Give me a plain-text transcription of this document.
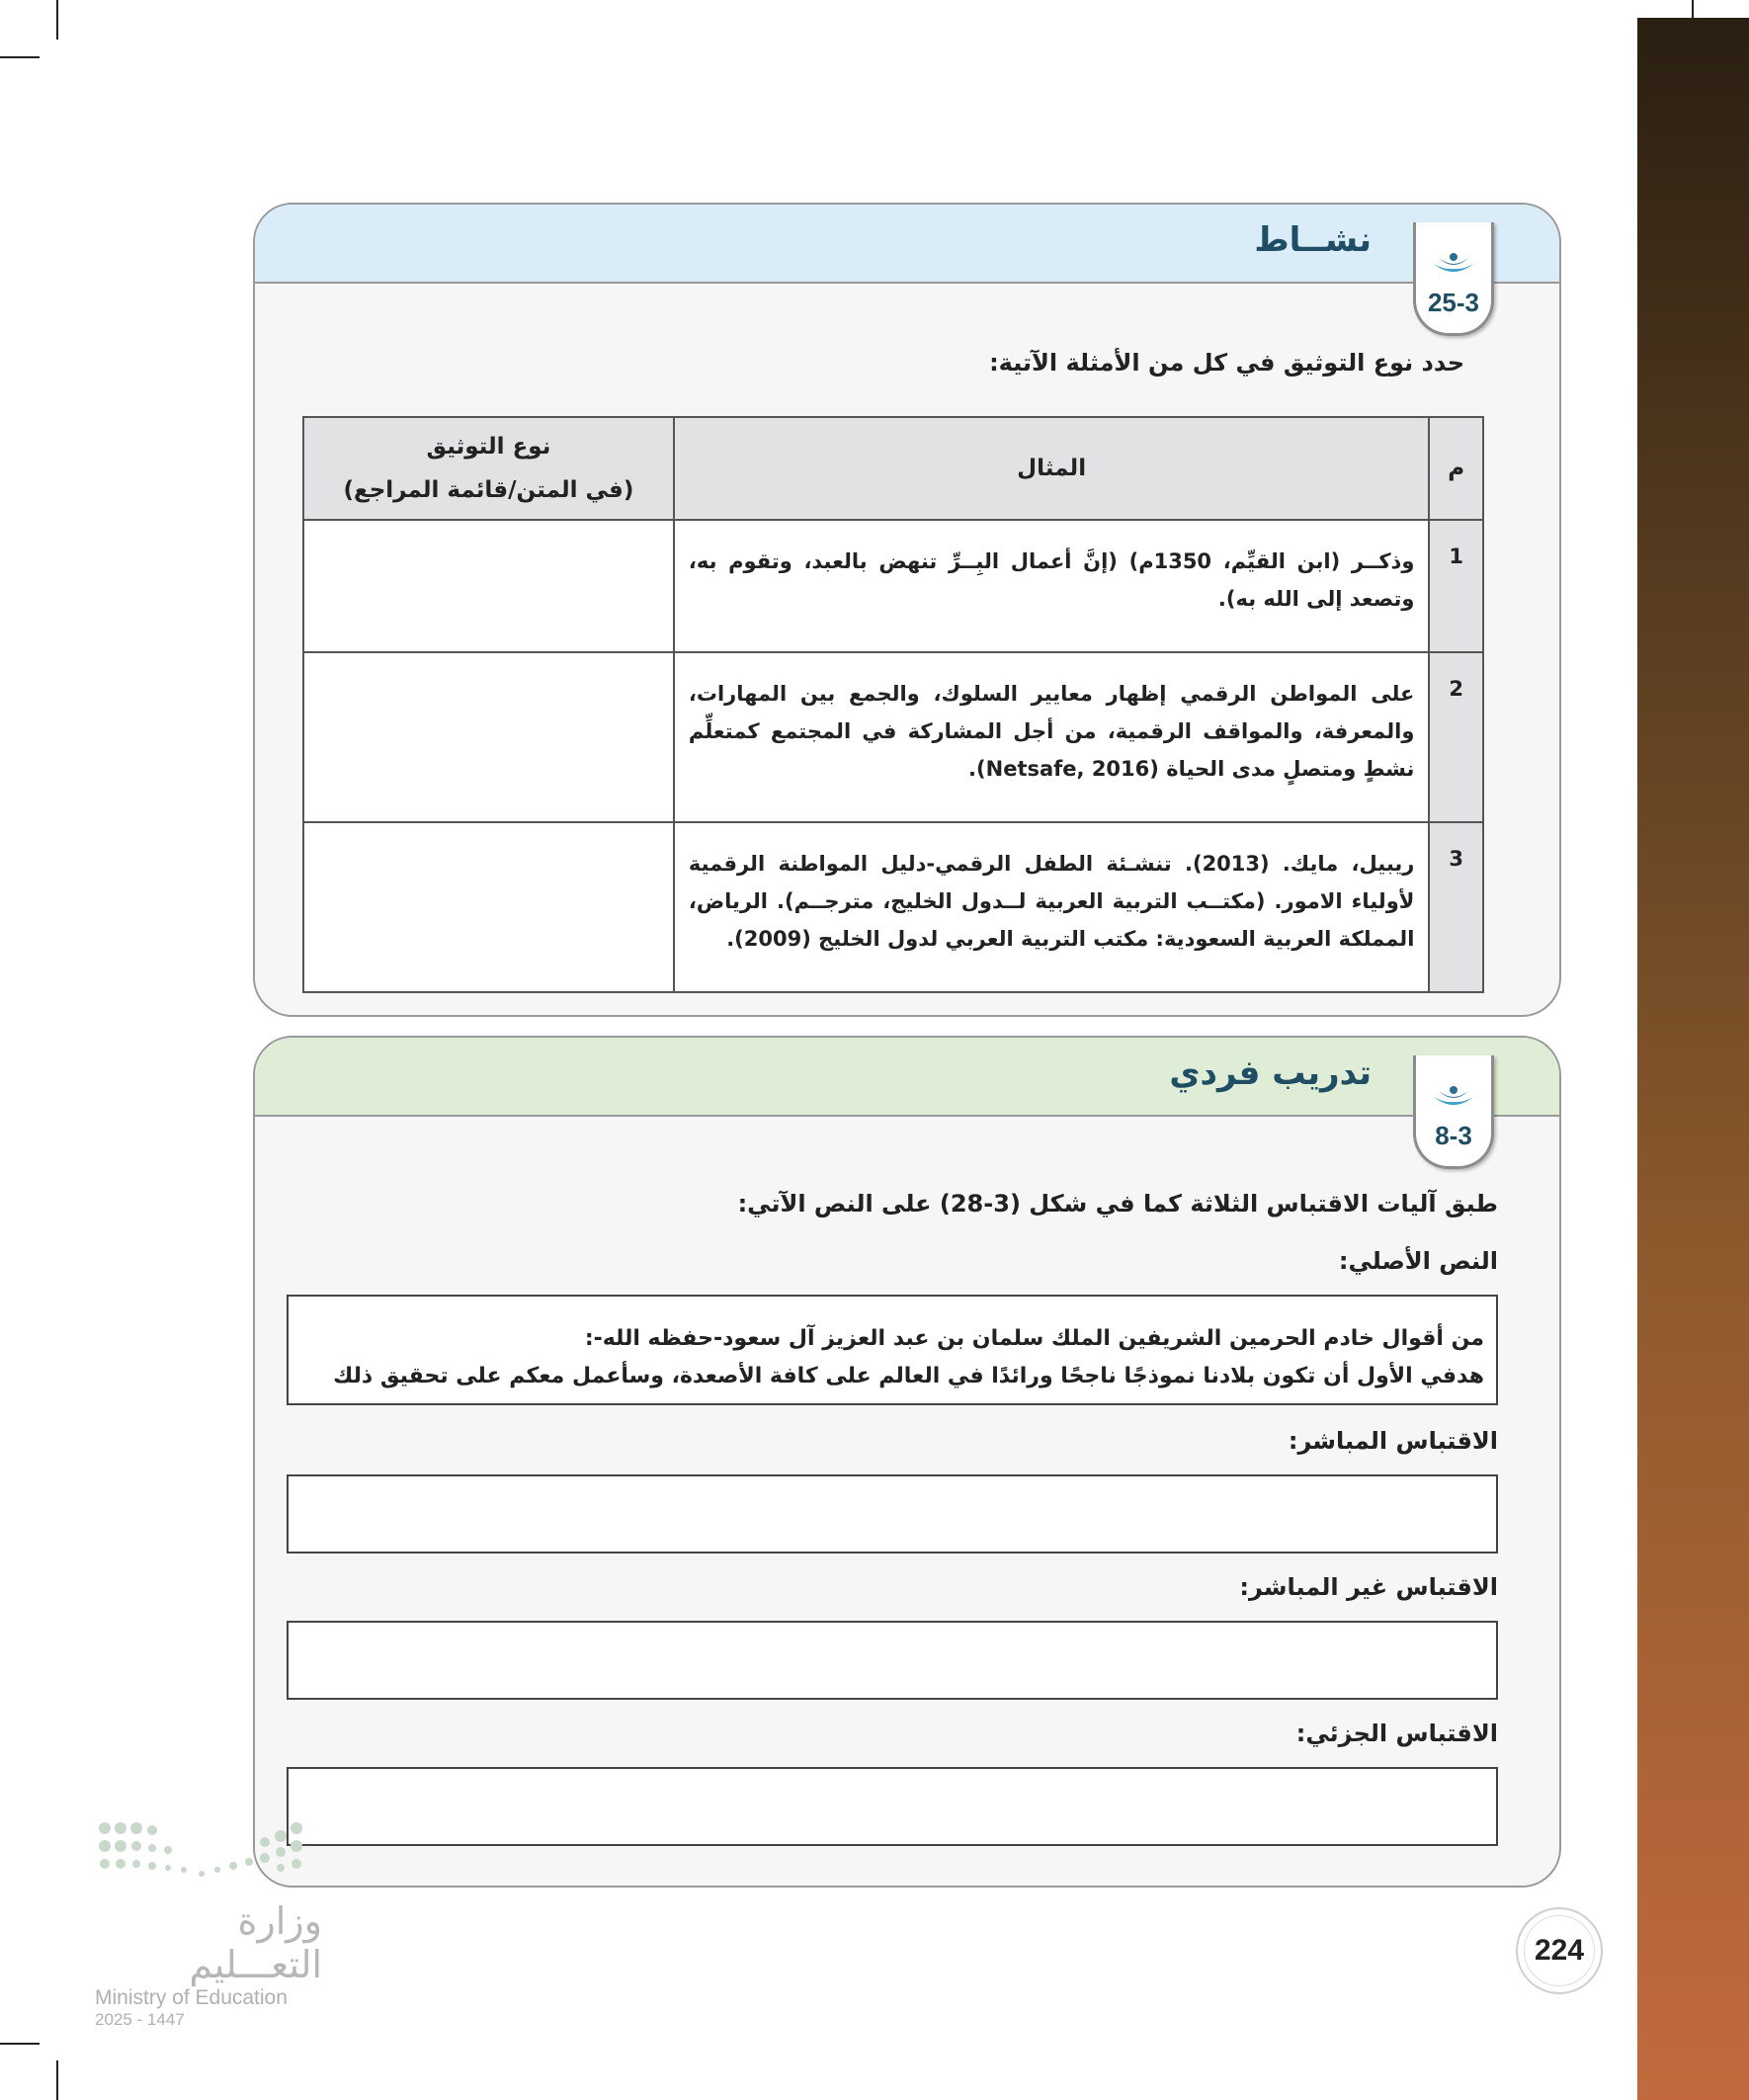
نشــاط
25-3
حدد نوع التوثيق في كل من الأمثلة الآتية:
م	المثال	نوع التوثيق
(في المتن/قائمة المراجع)

1	وذكــر (ابن القيِّم، 1350م) (إنَّ أعمال البِــرِّ تنهض بالعبد، وتقوم به، وتصعد إلى الله به).	
2	على المواطن الرقمي إظهار معايير السلوك، والجمع بين المهارات، والمعرفة، والمواقف الرقمية، من أجل المشاركة في المجتمع كمتعلِّم نشطٍ ومتصلٍ مدى الحياة (Netsafe, 2016).	
3	ريبيل، مايك. (2013). تنشـئة الطفل الرقمي-دليل المواطنة الرقمية لأولياء الامور. (مكتــب التربية العربية لــدول الخليج، مترجــم). الرياض، المملكة العربية السعودية: مكتب التربية العربي لدول الخليج (2009).	
تدريب فردي
8-3
طبق آليات الاقتباس الثلاثة كما في شكل (3-28) على النص الآتي:
النص الأصلي:
من أقوال خادم الحرمين الشريفين الملك سلمان بن عبد العزيز آل سعود-حفظه الله-:
هدفي الأول أن تكون بلادنا نموذجًا ناجحًا ورائدًا في العالم على كافة الأصعدة، وسأعمل معكم على تحقيق ذلك
الاقتباس المباشر:
الاقتباس غير المباشر:
الاقتباس الجزئي:
وزارة التعـــليم
Ministry of Education
2025 - 1447
224
